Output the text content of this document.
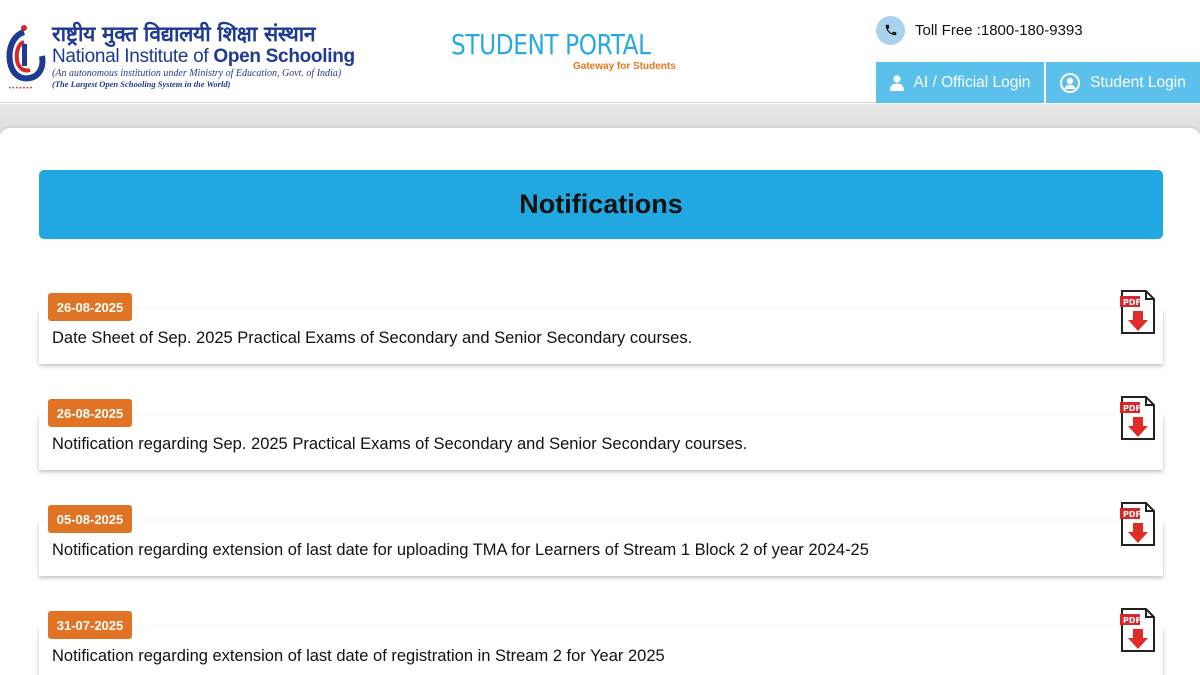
•••••••
राष्ट्रीय मुक्त विद्यालयी शिक्षा संस्थान
National Institute of Open Schooling
(An autonomous institution under Ministry of Education, Govt. of India)
(The Largest Open Schooling System in the World)
STUDENT PORTAL
Gateway for Students
Toll Free :1800-180-9393
AI / Official Login	Student Login
Notifications
26-08-2025
Date Sheet of Sep. 2025 Practical Exams of Secondary and Senior Secondary courses.
PDF
26-08-2025
Notification regarding Sep. 2025 Practical Exams of Secondary and Senior Secondary courses.
PDF
05-08-2025
Notification regarding extension of last date for uploading TMA for Learners of Stream 1 Block 2 of year 2024-25
PDF
31-07-2025
Notification regarding extension of last date of registration in Stream 2 for Year 2025
PDF
